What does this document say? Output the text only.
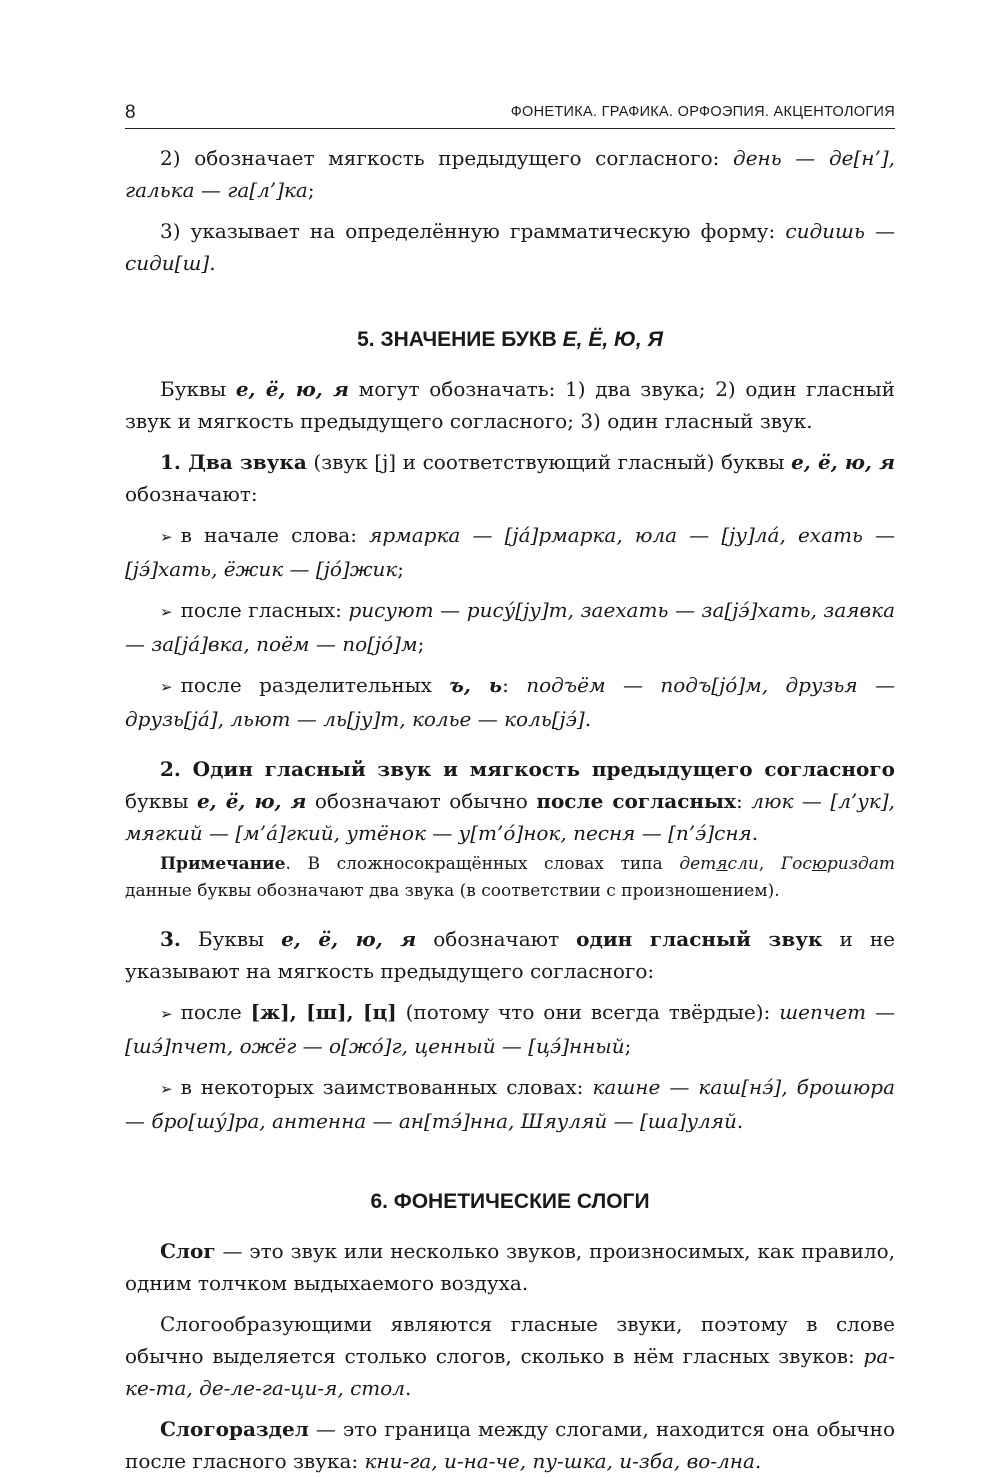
8	ФОНЕТИКА. ГРАФИКА. ОРФОЭПИЯ. АКЦЕНТОЛОГИЯ

2) обозначает мягкость предыдущего согласного: день — де[н’], галька — га[л’]ка;

3) указывает на определённую грамматическую форму: сидишь — сиди[ш].

5. ЗНАЧЕНИЕ БУКВ Е, Ё, Ю, Я

Буквы е, ё, ю, я могут обозначать: 1) два звука; 2) один гласный звук и мягкость предыдущего согласного; 3) один гласный звук.

1. Два звука (звук [j] и соответствующий гласный) буквы е, ё, ю, я обозначают:

➢ в начале слова: ярмарка — [jа́]рмарка, юла — [jу]ла́, ехать — [jэ́]хать, ёжик — [jо́]жик;

➢ после гласных: рисуют — рису́[jу]т, заехать — за[jэ́]хать, заявка — за[jа́]вка, поём — по[jо́]м;

➢ после разделительных ъ, ь: подъём — подъ[jо́]м, друзья — друзь[jа́], льют — ль[jу]т, колье — коль[jэ́].

2. Один гласный звук и мягкость предыдущего согласного буквы е, ё, ю, я обозначают обычно после согласных: люк — [л’ук], мягкий — [м’а́]гкий, утёнок — у[т’о́]нок, песня — [п’э́]сня.

Примечание. В сложносокращённых словах типа детясли, Госюриздат данные буквы обозначают два звука (в соответствии с произношением).

3. Буквы е, ё, ю, я обозначают один гласный звук и не указывают на мягкость предыдущего согласного:

➢ после [ж], [ш], [ц] (потому что они всегда твёрдые): шепчет — [шэ́]пчет, ожёг — о[жо́]г, ценный — [цэ́]нный;

➢ в некоторых заимствованных словах: кашне — каш[нэ́], брошюра — бро[шу́]ра, антенна — ан[тэ́]нна, Шяуляй — [ша]уляй.

6. ФОНЕТИЧЕСКИЕ СЛОГИ

Слог — это звук или несколько звуков, произносимых, как правило, одним толчком выдыхаемого воздуха.

Слогообразующими являются гласные звуки, поэтому в слове обычно выделяется столько слогов, сколько в нём гласных звуков: ра-ке-та, де-ле-га-ци-я, стол.

Слогораздел — это граница между слогами, находится она обычно после гласного звука: кни-га, и-на-че, пу-шка, и-зба, во-лна.
